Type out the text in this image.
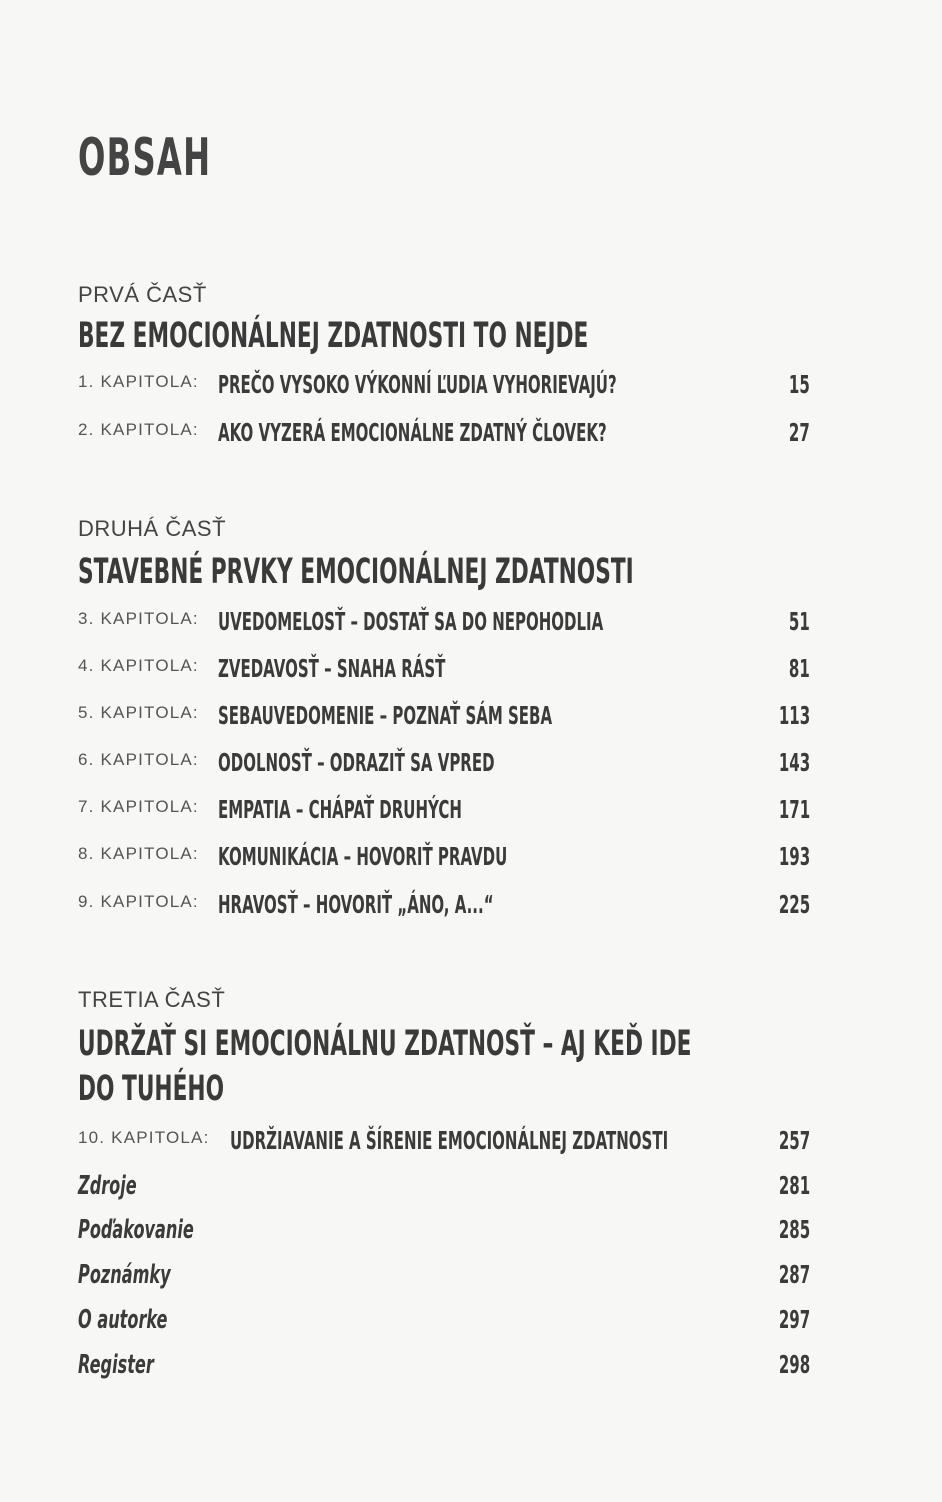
OBSAH
PRVÁ ČASŤ
BEZ EMOCIONÁLNEJ ZDATNOSTI TO NEJDE
1. KAPITOLA: PREČO VYSOKO VÝKONNÍ ĽUDIA VYHORIEVAJÚ?	15
2. KAPITOLA: AKO VYZERÁ EMOCIONÁLNE ZDATNÝ ČLOVEK?	27
DRUHÁ ČASŤ
STAVEBNÉ PRVKY EMOCIONÁLNEJ ZDATNOSTI
3. KAPITOLA: UVEDOMELOSŤ – DOSTAŤ SA DO NEPOHODLIA	51
4. KAPITOLA: ZVEDAVOSŤ – SNAHA RÁSŤ	81
5. KAPITOLA: SEBAUVEDOMENIE – POZNAŤ SÁM SEBA	113
6. KAPITOLA: ODOLNOSŤ – ODRAZIŤ SA VPRED	143
7. KAPITOLA: EMPATIA – CHÁPAŤ DRUHÝCH	171
8. KAPITOLA: KOMUNIKÁCIA – HOVORIŤ PRAVDU	193
9. KAPITOLA: HRAVOSŤ – HOVORIŤ „ÁNO, A...“	225
TRETIA ČASŤ
UDRŽAŤ SI EMOCIONÁLNU ZDATNOSŤ – AJ KEĎ IDE
DO TUHÉHO
10. KAPITOLA: UDRŽIAVANIE A ŠÍRENIE EMOCIONÁLNEJ ZDATNOSTI	257
Zdroje	281
Poďakovanie	285
Poznámky	287
O autorke	297
Register	298
